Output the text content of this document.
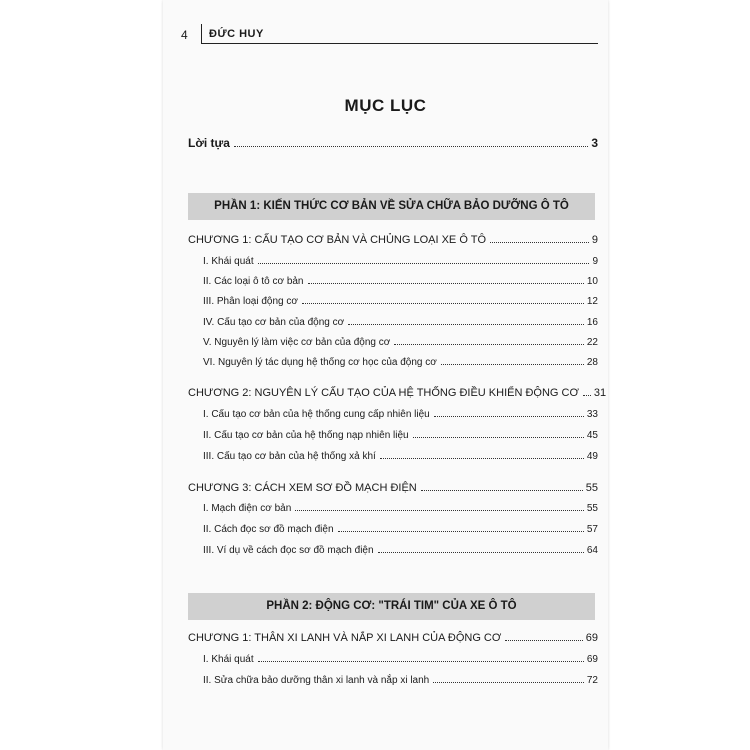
4 ĐỨC HUY
MỤC LỤC
Lời tựa	3
PHẦN 1: KIẾN THỨC CƠ BẢN VỀ SỬA CHỮA BẢO DƯỠNG Ô TÔ
CHƯƠNG 1: CẤU TẠO CƠ BẢN VÀ CHỦNG LOẠI XE Ô TÔ	9
I. Khái quát	9
II. Các loại ô tô cơ bản	10
III. Phân loại động cơ	12
IV. Cấu tạo cơ bản của động cơ	16
V. Nguyên lý làm việc cơ bản của động cơ	22
VI. Nguyên lý tác dụng hệ thống cơ học của động cơ	28
CHƯƠNG 2: NGUYÊN LÝ CẤU TẠO CỦA HỆ THỐNG ĐIỀU KHIỂN ĐỘNG CƠ 31
I. Cấu tạo cơ bản của hệ thống cung cấp nhiên liệu	33
II. Cấu tạo cơ bản của hệ thống nạp nhiên liệu	45
III. Cấu tạo cơ bản của hệ thống xả khí	49
CHƯƠNG 3: CÁCH XEM SƠ ĐỒ MẠCH ĐIỆN	55
I. Mạch điện cơ bản	55
II. Cách đọc sơ đồ mạch điện	57
III. Ví dụ về cách đọc sơ đồ mạch điện	64
PHẦN 2: ĐỘNG CƠ: "TRÁI TIM" CỦA XE Ô TÔ
CHƯƠNG 1: THÂN XI LANH VÀ NẮP XI LANH CỦA ĐỘNG CƠ	69
I. Khái quát	69
II. Sửa chữa bảo dưỡng thân xi lanh và nắp xi lanh	72
